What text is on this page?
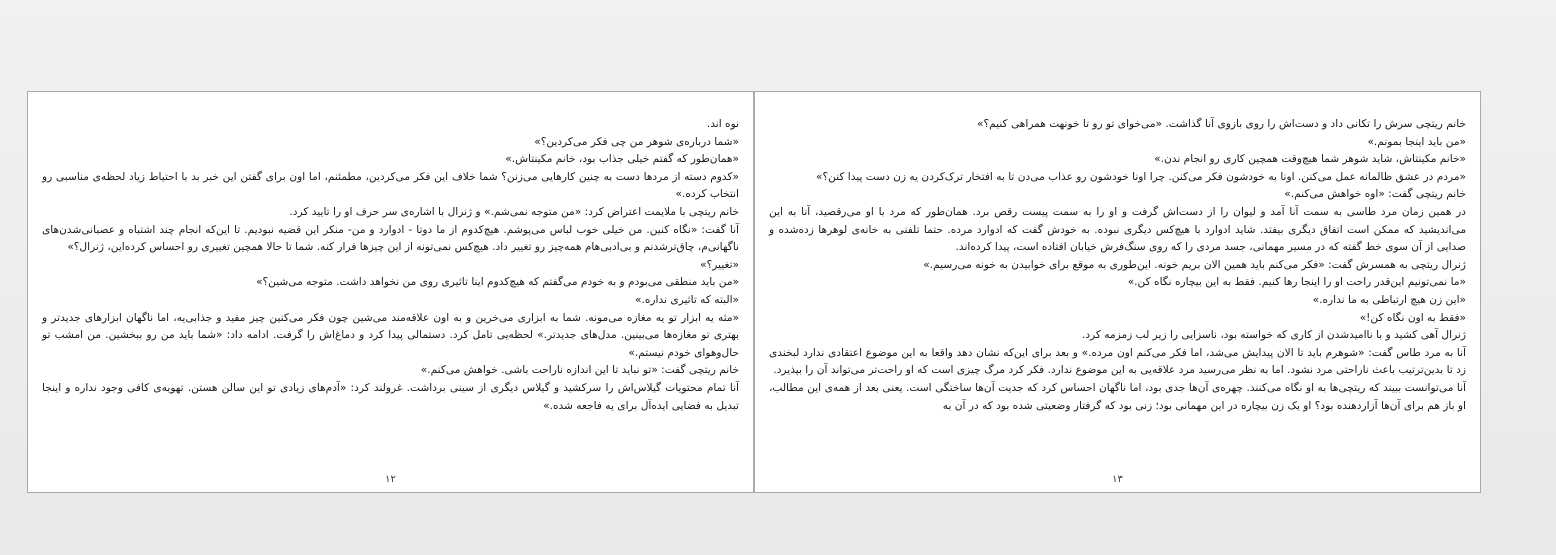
خانم ریتچی سرش را تکانی داد و دست‌اش را روی بازوی آنا گذاشت. «می‌خوای تو رو تا خونهت همراهی کنیم؟»

«من باید اینجا بمونم.»

«خانم مکینتاش، شاید شوهر شما هیچ‌وقت همچین کاری رو انجام ندن.»

«مردم در عشق ظالمانه عمل می‌کنن. اونا به خودشون فکر می‌کنن. چرا اونا خودشون رو عذاب می‌دن تا به افتخار ترک‌کردن یه زن دست پیدا کنن؟»

خانم ریتچی گفت: «اوه خواهش می‌کنم.»

در همین زمان مرد طاسی به سمت آنا آمد و لیوان را از دست‌اش گرفت و او را به سمت پیست رقص برد. همان‌طور که مرد با او می‌رقصید، آنا به این می‌اندیشید که ممکن است اتفاق دیگری بیفتد. شاید ادوارد با هیچ‌کس دیگری نبوده. به خودش گفت که ادوارد مرده. حتما تلفنی به خانه‌ی لوهرها زده‌شده و صدایی از آن سوی خط گفته که در مسیر مهمانی، جسد مردی را که روی سنگ‌فرش خیابان افتاده است، پیدا کرده‌اند.

ژنرال ریتچی به همسرش گفت: «فکر می‌کنم باید همین الان بریم خونه. این‌طوری به موقع برای خوابیدن به خونه می‌رسیم.»

«ما نمی‌تونیم این‌قدر راحت او را اینجا رها کنیم. فقط به این بیچاره نگاه کن.»

«این زن هیچ ارتباطی به ما نداره.»

«فقط به اون نگاه کن!»

ژنرال آهی کشید و با ناامیدشدن از کاری که خواسته بود، ناسزایی را زیر لب زمزمه کرد.

آنا به مرد طاس گفت: «شوهرم باید تا الان پیدایش می‌شد، اما فکر می‌کنم اون مرده.» و بعد برای این‌که نشان دهد واقعا به این موضوع اعتقادی ندارد لبخندی زد تا بدین‌ترتیب باعث ناراحتی مرد نشود. اما به نظر می‌رسید مرد علاقه‌یی به این موضوع ندارد. فکر کرد مرگ چیزی است که او راحت‌تر می‌تواند آن را بپذیرد.

آنا می‌توانست ببیند که ریتچی‌ها به او نگاه می‌کنند. چهره‌ی آن‌ها جدی بود، اما ناگهان احساس کرد که جدیت آن‌ها ساختگی است. یعنی بعد از همه‌ی این مطالب، او باز هم برای آن‌ها آزاردهنده بود؟ او یک زن بیچاره در این مهمانی بود؛ زنی بود که گرفتار وضعیتی شده بود که در آن به

۱۳

نوه اند.

«شما درباره‌ی شوهر من چی فکر می‌کردین؟»

«همان‌طور که گفتم خیلی جذاب بود، خانم مکینتاش.»

«کدوم دسته از مردها دست به چنین کارهایی می‌زنن؟ شما خلاف این فکر می‌کردین، مطمئنم، اما اون برای گفتن این خبر بد با احتیاط زیاد لحظه‌ی مناسبی رو انتخاب کرده.»

خانم ریتچی با ملایمت اعتراض کرد: «من متوجه نمی‌شم.» و ژنرال با اشاره‌ی سر حرف او را تایید کرد.

آنا گفت: «نگاه کنین. من خیلی خوب لباس می‌پوشم. هیچ‌کدوم از ما دوتا - ادوارد و من- منکر این قضیه نبودیم. تا این‌که انجام چند اشتباه و عصبانی‌شدن‌های ناگهانی‌م، چاق‌ترشدنم و بی‌ادبی‌هام همه‌چیز رو تغییر داد. هیچ‌کس نمی‌تونه از این چیزها فرار کنه. شما تا حالا همچین تغییری رو احساس کرده‌این، ژنرال؟»

«تغییر؟»

«من باید منطقی می‌بودم و به خودم می‌گفتم که هیچ‌کدوم اینا تاثیری روی من نخواهد داشت. متوجه می‌شین؟»

«البته که تاثیری نداره.»

«مثه یه ابزار تو یه مغازه می‌مونه. شما به ابزاری می‌خرین و به اون علاقه‌مند می‌شین چون فکر می‌کنین چیز مفید و جذابی‌یه، اما ناگهان ابزارهای جدیدتر و بهتری تو مغازه‌ها می‌بینین. مدل‌های جدیدتر.» لحظه‌یی تامل کرد. دستمالی پیدا کرد و دماغ‌اش را گرفت. ادامه داد: «شما باید من رو ببخشین. من امشب تو حال‌وهوای خودم نیستم.»

خانم ریتچی گفت: «تو نباید تا این اندازه ناراحت باشی. خواهش می‌کنم.»

آنا تمام محتویات گیلاس‌اش را سرکشید و گیلاس دیگری از سینی برداشت. غرولند کرد: «آدم‌های زیادی تو این سالن هستن. تهویه‌ی کافی وجود نداره و اینجا تبدیل به فضایی ایده‌آل برای یه فاجعه شده.»

۱۲
